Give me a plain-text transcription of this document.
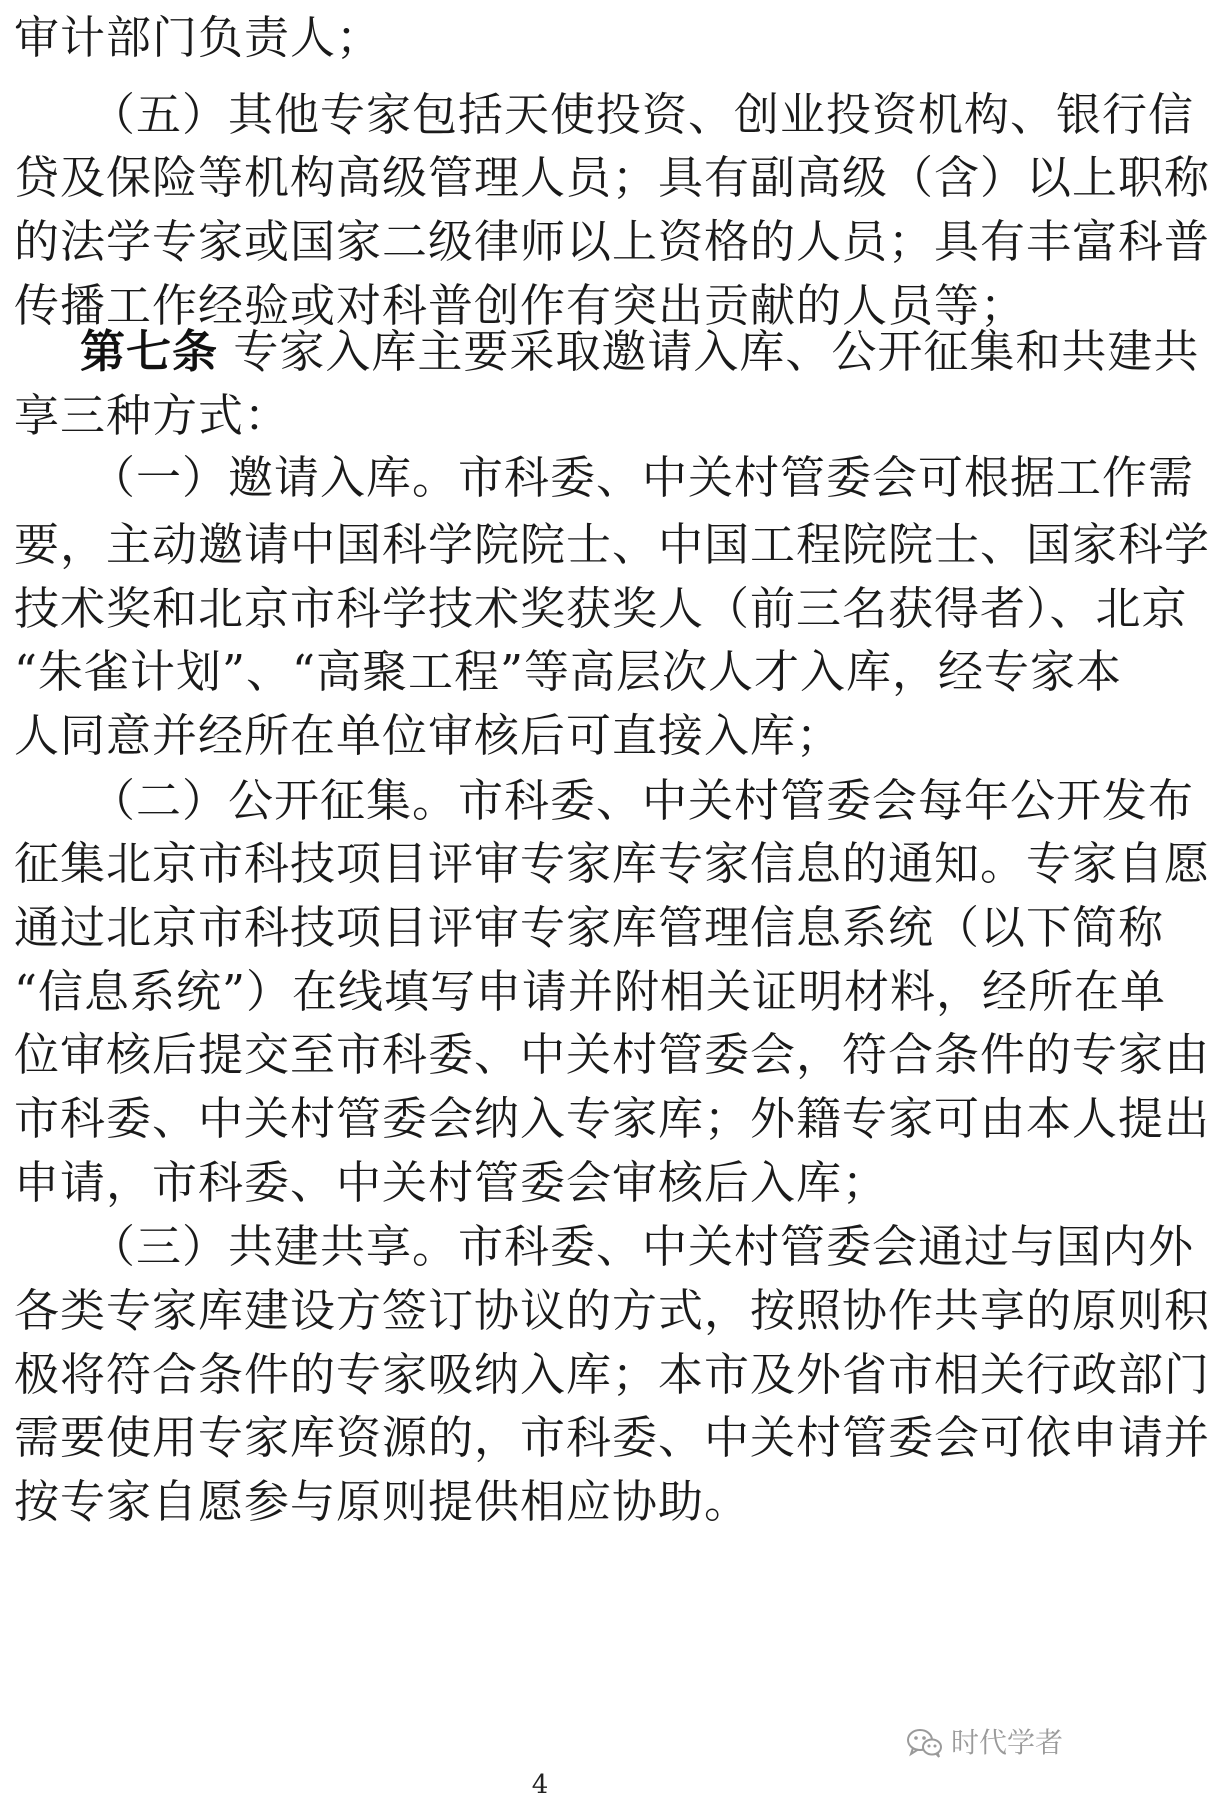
审计部门负责人；
（五）其他专家包括天使投资、创业投资机构、银行信
贷及保险等机构高级管理人员；具有副高级（含）以上职称
的法学专家或国家二级律师以上资格的人员；具有丰富科普
传播工作经验或对科普创作有突出贡献的人员等；
第七条 专家入库主要采取邀请入库、公开征集和共建共
享三种方式：
（一）邀请入库。市科委、中关村管委会可根据工作需
要，主动邀请中国科学院院士、中国工程院院士、国家科学
技术奖和北京市科学技术奖获奖人（前三名获得者）、北京
“朱雀计划”、“高聚工程”等高层次人才入库，经专家本
人同意并经所在单位审核后可直接入库；
（二）公开征集。市科委、中关村管委会每年公开发布
征集北京市科技项目评审专家库专家信息的通知。专家自愿
通过北京市科技项目评审专家库管理信息系统（以下简称
“信息系统”）在线填写申请并附相关证明材料，经所在单
位审核后提交至市科委、中关村管委会，符合条件的专家由
市科委、中关村管委会纳入专家库；外籍专家可由本人提出
申请，市科委、中关村管委会审核后入库；
（三）共建共享。市科委、中关村管委会通过与国内外
各类专家库建设方签订协议的方式，按照协作共享的原则积
极将符合条件的专家吸纳入库；本市及外省市相关行政部门
需要使用专家库资源的，市科委、中关村管委会可依申请并
按专家自愿参与原则提供相应协助。
时代学者
4
